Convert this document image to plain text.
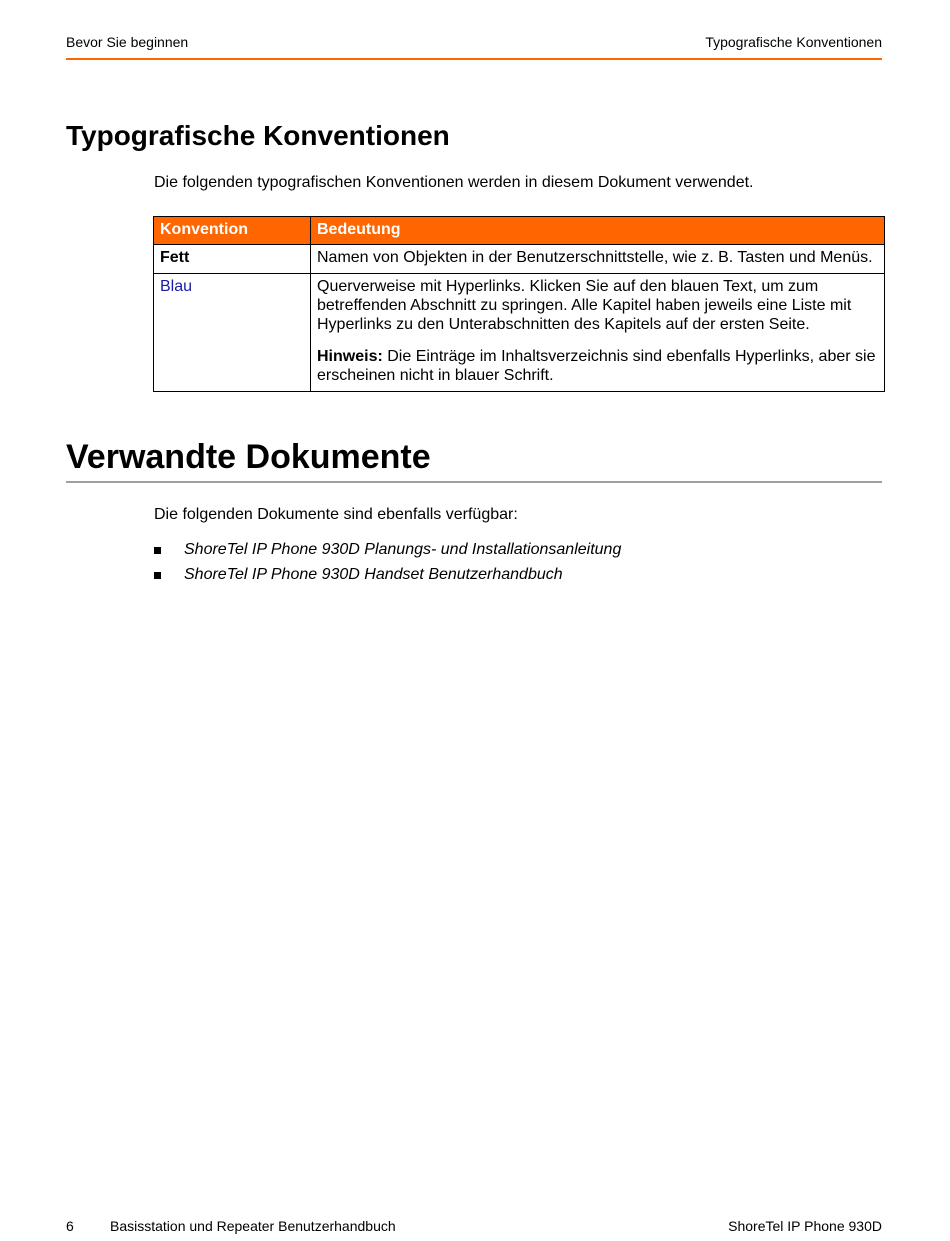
Bevor Sie beginnen	Typografische Konventionen
Typografische Konventionen

Die folgenden typografischen Konventionen werden in diesem Dokument verwendet.

Konvention	Bedeutung
Fett	Namen von Objekten in der Benutzerschnittstelle, wie z. B. Tasten und Menüs.
Blau	Querverweise mit Hyperlinks. Klicken Sie auf den blauen Text, um zum betreffenden Abschnitt zu springen. Alle Kapitel haben jeweils eine Liste mit Hyperlinks zu den Unterabschnitten des Kapitels auf der ersten Seite.
Hinweis: Die Einträge im Inhaltsverzeichnis sind ebenfalls Hyperlinks, aber sie erscheinen nicht in blauer Schrift.
Verwandte Dokumente

Die folgenden Dokumente sind ebenfalls verfügbar:

ShoreTel IP Phone 930D Planungs- und Installationsanleitung
ShoreTel IP Phone 930D Handset Benutzerhandbuch
6	Basisstation und Repeater Benutzerhandbuch	ShoreTel IP Phone 930D
